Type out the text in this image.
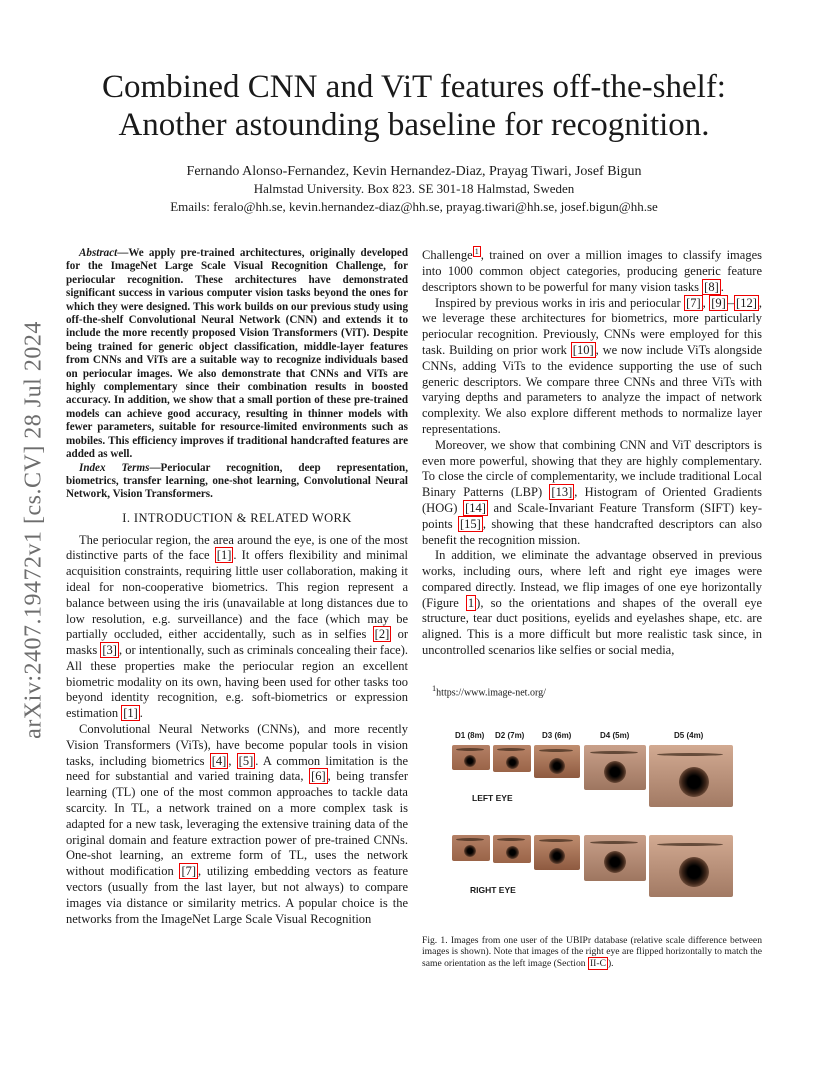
arXiv:2407.19472v1 [cs.CV] 28 Jul 2024
Combined CNN and ViT features off-the-shelf: Another astounding baseline for recognition.
Fernando Alonso-Fernandez, Kevin Hernandez-Diaz, Prayag Tiwari, Josef Bigun
Halmstad University. Box 823. SE 301-18 Halmstad, Sweden
Emails: feralo@hh.se, kevin.hernandez-diaz@hh.se, prayag.tiwari@hh.se, josef.bigun@hh.se

Abstract—We apply pre-trained architectures, originally developed for the ImageNet Large Scale Visual Recognition Challenge, for periocular recognition. These architectures have demonstrated significant success in various computer vision tasks beyond the ones for which they were designed. This work builds on our previous study using off-the-shelf Convolutional Neural Network (CNN) and extends it to include the more recently proposed Vision Transformers (ViT). Despite being trained for generic object classification, middle-layer features from CNNs and ViTs are a suitable way to recognize individuals based on periocular images. We also demonstrate that CNNs and ViTs are highly complementary since their combination results in boosted accuracy. In addition, we show that a small portion of these pre-trained models can achieve good accuracy, resulting in thinner models with fewer parameters, suitable for resource-limited environments such as mobiles. This efficiency improves if traditional handcrafted features are added as well.

Index Terms—Periocular recognition, deep representation, biometrics, transfer learning, one-shot learning, Convolutional Neural Network, Vision Transformers.

I. INTRODUCTION & RELATED WORK

The periocular region, the area around the eye, is one of the most distinctive parts of the face [1] . It offers flexibility and minimal acquisition constraints, requiring little user collaboration, making it ideal for non-cooperative biometrics. This region represent a balance between using the iris (unavailable at long distances due to low resolution, e.g. surveillance) and the face (which may be partially occluded, either accidentally, such as in selfies [2] or masks [3] , or intentionally, such as criminals concealing their face). All these properties make the periocular region an excellent biometric modality on its own, having been used for other tasks too beyond identity recognition, e.g. soft-biometrics or expression estimation [1] .

Convolutional Neural Networks (CNNs), and more recently Vision Transformers (ViTs), have become popular tools in vision tasks, including biometrics [4] , [5] . A common limitation is the need for substantial and varied training data, [6] , being transfer learning (TL) one of the most common approaches to tackle data scarcity. In TL, a network trained on a more complex task is adapted for a new task, leveraging the extensive training data of the original domain and feature extraction power of pre-trained CNNs. One-shot learning, an extreme form of TL, uses the network without modification [7] , utilizing embedding vectors as feature vectors (usually from the last layer, but not always) to compare images via distance or similarity metrics. A popular choice is the networks from the ImageNet Large Scale Visual Recognition

Challenge $^1$ , trained on over a million images to classify images into 1000 common object categories, producing generic feature descriptors shown to be powerful for many vision tasks [8] .

Inspired by previous works in iris and periocular [7] , [9] – [12] , we leverage these architectures for biometrics, more particularly periocular recognition. Previously, CNNs were employed for this task. Building on prior work [10] , we now include ViTs alongside CNNs, adding ViTs to the evidence supporting the use of such generic descriptors. We compare three CNNs and three ViTs with varying depths and parameters to analyze the impact of network complexity. We also explore different methods to normalize layer representations.

Moreover, we show that combining CNN and ViT descriptors is even more powerful, showing that they are highly complementary. To close the circle of complementarity, we include traditional Local Binary Patterns (LBP) [13] , Histogram of Oriented Gradients (HOG) [14] and Scale-Invariant Feature Transform (SIFT) key-points [15] , showing that these handcrafted descriptors can also benefit the recognition mission.

In addition, we eliminate the advantage observed in previous works, including ours, where left and right eye images were compared directly. Instead, we flip images of one eye horizontally (Figure 1 ), so the orientations and shapes of the overall eye structure, tear duct positions, eyelids and eyelashes shape, etc. are aligned. This is a more difficult but more realistic task since, in uncontrolled scenarios like selfies or social media,

$^1$https://www.image-net.org/
D1 (8m) D2 (7m) D3 (6m)	D4 (5m)	D5 (4m)
LEFT EYE
RIGHT EYE
Fig. 1. Images from one user of the UBIPr database (relative scale difference between images is shown). Note that images of the right eye are flipped horizontally to match the same orientation as the left image (Section II-C ).
